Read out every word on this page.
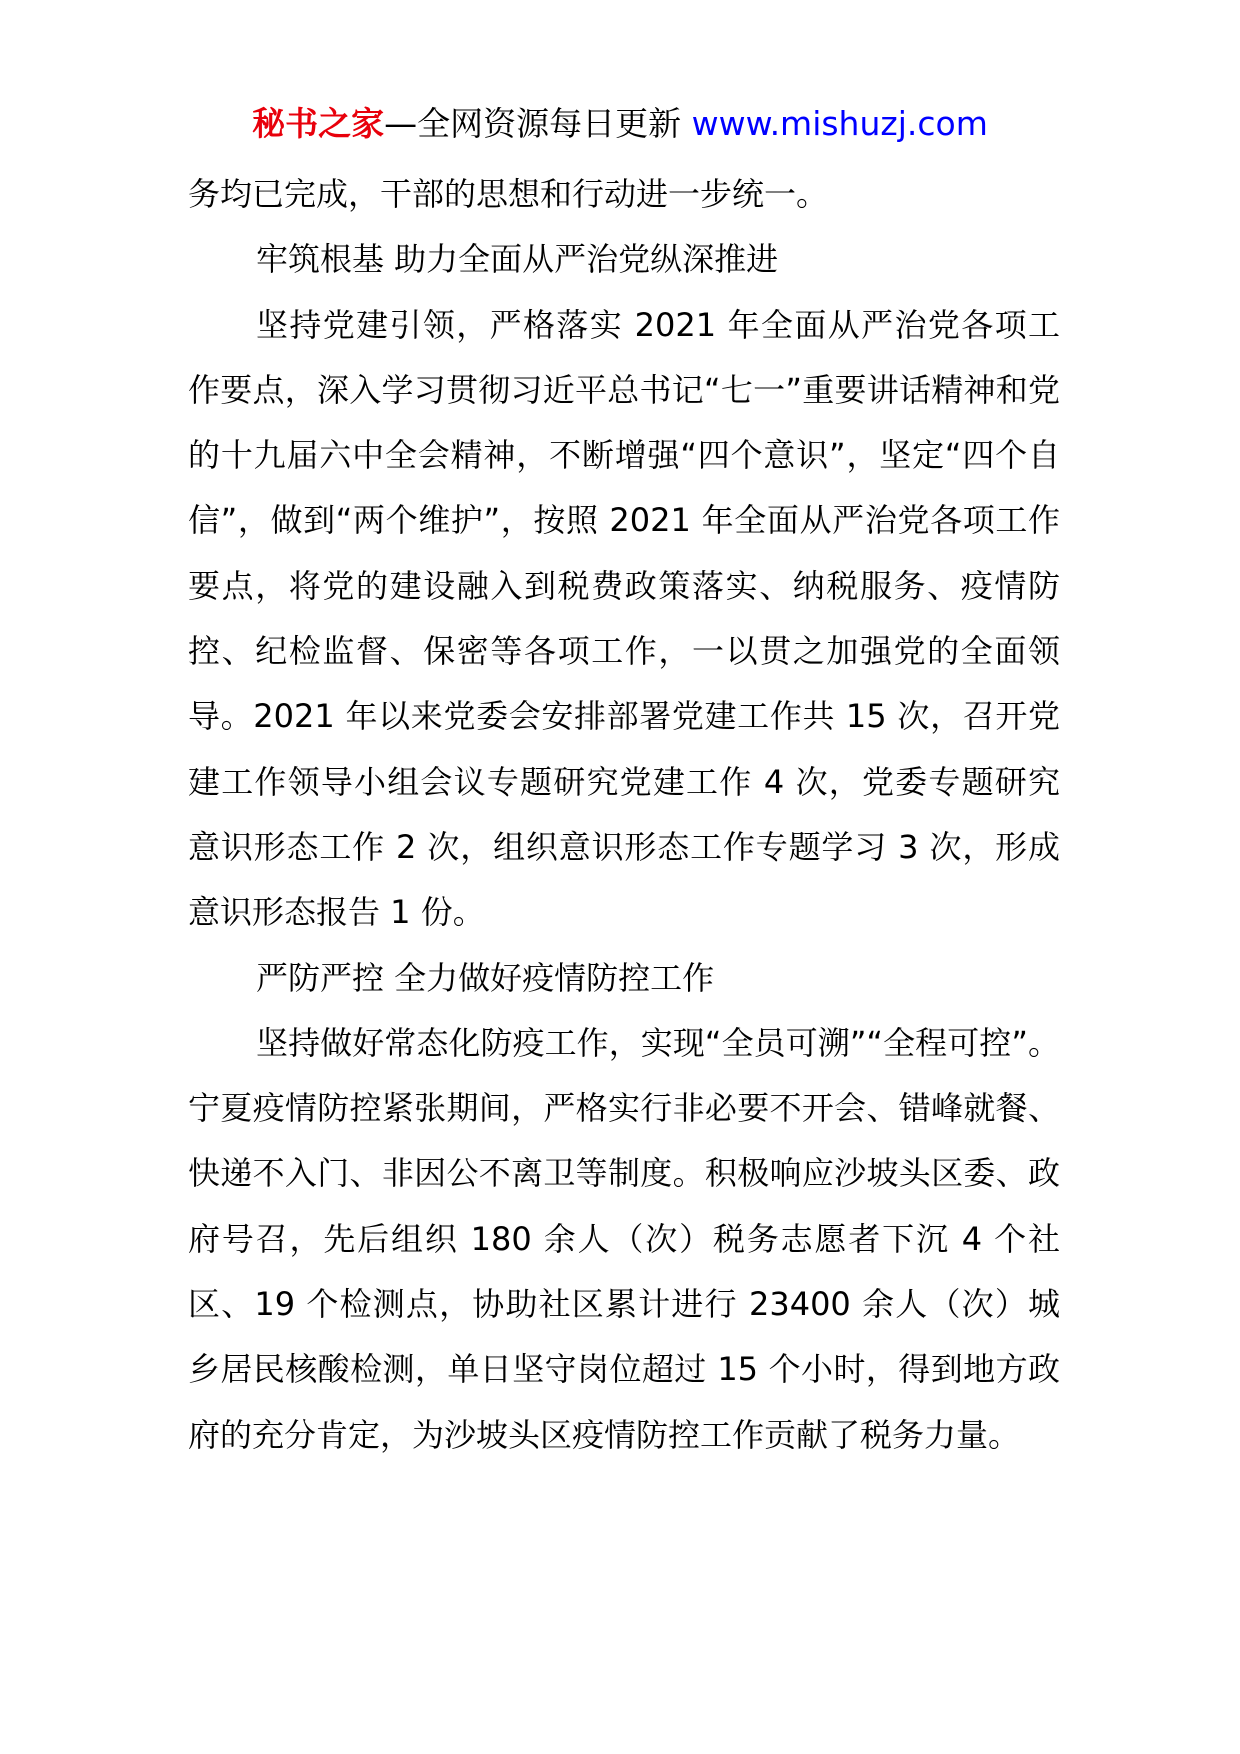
秘书之家—全网资源每日更新 www.mishuzj.com

务均已完成，干部的思想和行动进一步统一。

牢筑根基 助力全面从严治党纵深推进

坚持党建引领，严格落实 2021 年全面从严治党各项工作要点，深入学习贯彻习近平总书记“七一”重要讲话精神和党的十九届六中全会精神，不断增强“四个意识”，坚定“四个自信”，做到“两个维护”，按照 2021 年全面从严治党各项工作要点，将党的建设融入到税费政策落实、纳税服务、疫情防控、纪检监督、保密等各项工作，一以贯之加强党的全面领导。2021 年以来党委会安排部署党建工作共 15 次，召开党建工作领导小组会议专题研究党建工作 4 次，党委专题研究意识形态工作 2 次，组织意识形态工作专题学习 3 次，形成意识形态报告 1 份。

严防严控 全力做好疫情防控工作

坚持做好常态化防疫工作，实现“全员可溯”“全程可控”。宁夏疫情防控紧张期间，严格实行非必要不开会、错峰就餐、快递不入门、非因公不离卫等制度。积极响应沙坡头区委、政府号召，先后组织 180 余人（次）税务志愿者下沉 4 个社区、19 个检测点，协助社区累计进行 23400 余人（次）城乡居民核酸检测，单日坚守岗位超过 15 个小时，得到地方政府的充分肯定，为沙坡头区疫情防控工作贡献了税务力量。
